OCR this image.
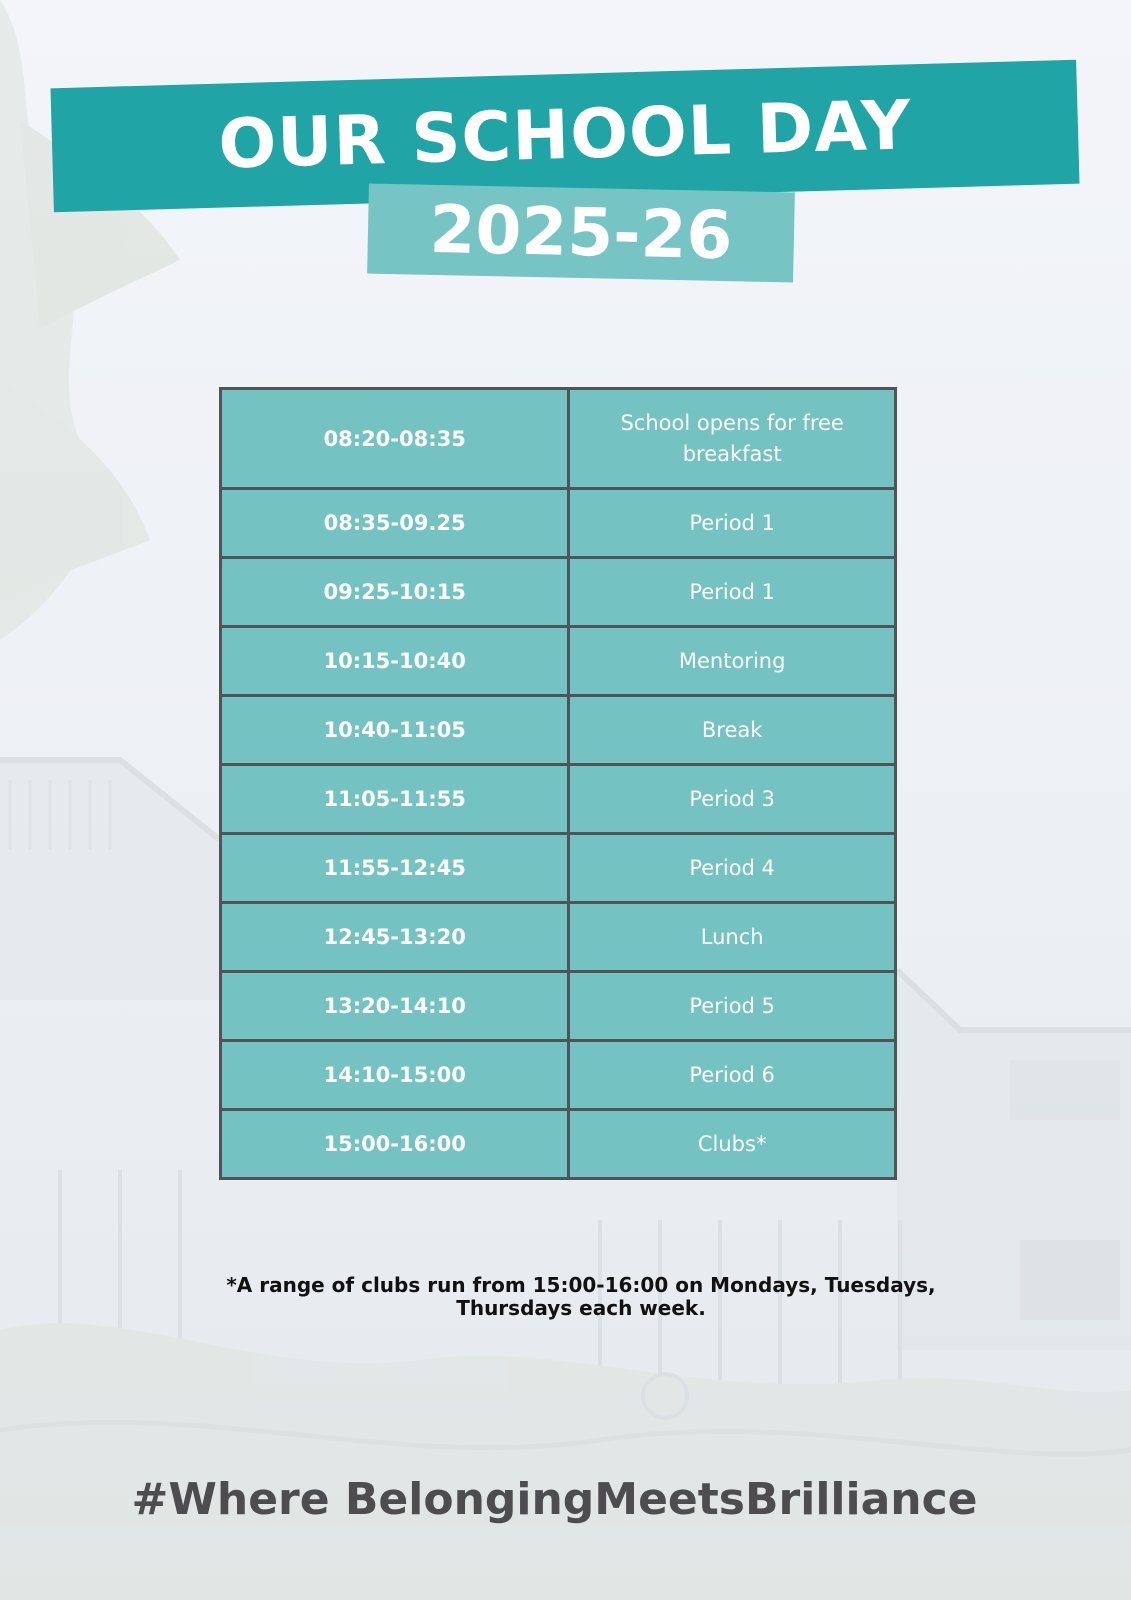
OUR SCHOOL DAY
2025-26
08:20-08:35	School opens for free breakfast
08:35-09.25	Period 1
09:25-10:15	Period 1
10:15-10:40	Mentoring
10:40-11:05	Break
11:05-11:55	Period 3
11:55-12:45	Period 4
12:45-13:20	Lunch
13:20-14:10	Period 5
14:10-15:00	Period 6
15:00-16:00	Clubs*
*A range of clubs run from 15:00-16:00 on Mondays, Tuesdays,
Thursdays each week.
#Where BelongingMeetsBrilliance
